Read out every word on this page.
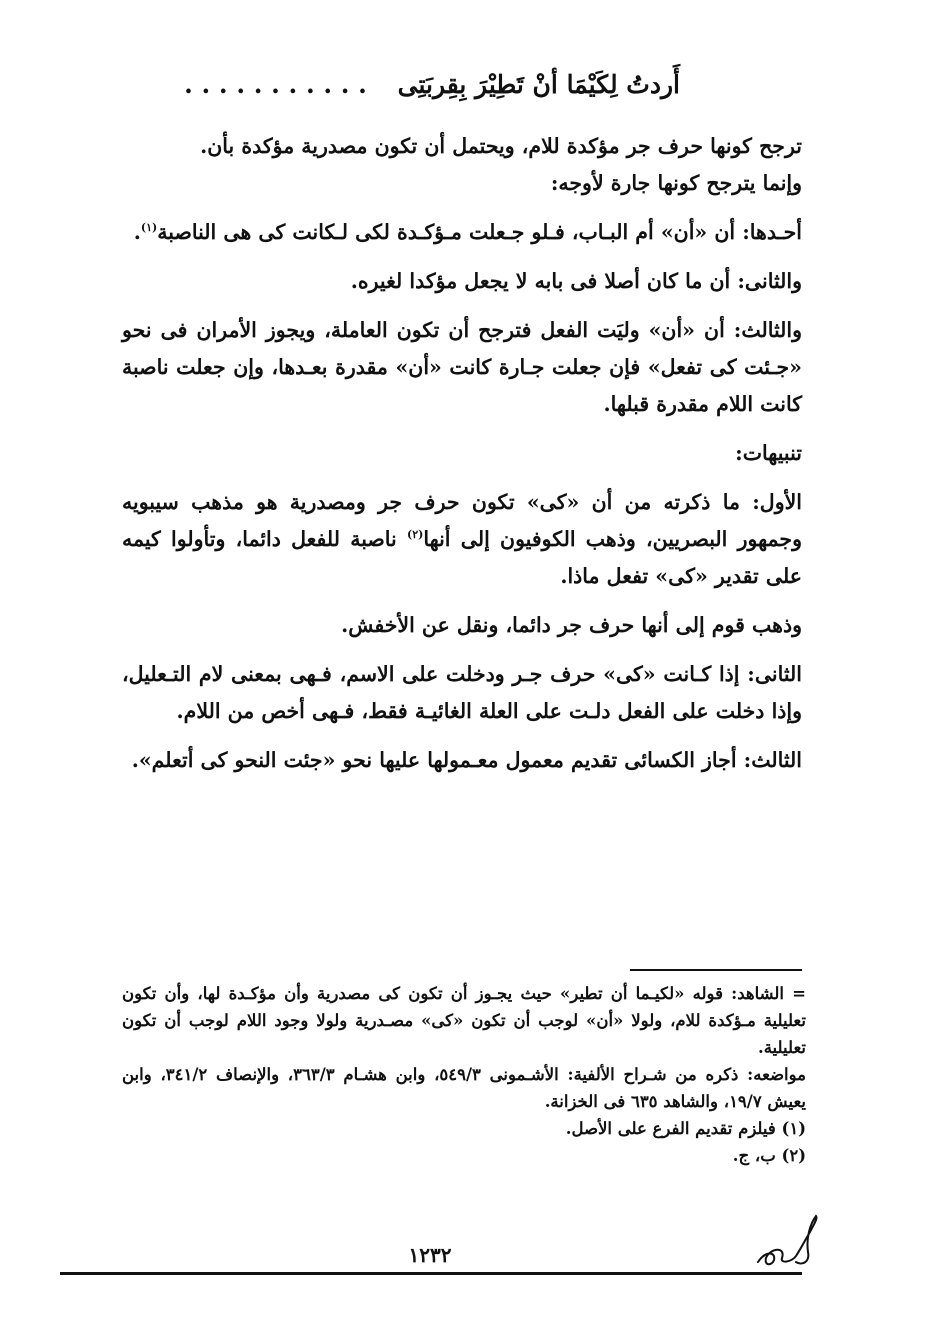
أَردتُ لِكَيْمَا أنْ تَطِيْرَ بِقِربَتِى . . . . . . . . . . .

ترجح كونها حرف جر مؤكدة للام، ويحتمل أن تكون مصدرية مؤكدة بأن.

وإنما يترجح كونها جارة لأوجه:

أحـدها: أن «أن» أم البـاب، فـلو جـعلت مـؤكـدة لكى لـكانت كى هى الناصبة$^{(١)}$.

والثانى: أن ما كان أصلا فى بابه لا يجعل مؤكدا لغيره.

والثالث: أن «أن» وليَت الفعل فترجح أن تكون العاملة، ويجوز الأمران فى نحو «جـئت كى تفعل» فإن جعلت جـارة كانت «أن» مقدرة بعـدها، وإن جعلت ناصبة كانت اللام مقدرة قبلها.

تنبيهات:

الأول: ما ذكرته من أن «كى» تكون حرف جر ومصدرية هو مذهب سيبويه وجمهور البصريين، وذهب الكوفيون إلى أنها$^{(٢)}$ ناصبة للفعل دائما، وتأولوا كيمه على تقدير «كى» تفعل ماذا.

وذهب قوم إلى أنها حرف جر دائما، ونقل عن الأخفش.

الثانى: إذا كـانت «كى» حرف جـر ودخلت على الاسم، فـهى بمعنى لام التـعليل، وإذا دخلت على الفعل دلـت على العلة الغائيـة فقط، فـهى أخص من اللام.

الثالث: أجاز الكسائى تقديم معمول معـمولها عليها نحو «جئت النحو كى أتعلم».

= الشاهد: قوله «لكيـما أن تطير» حيث يجـوز أن تكون كى مصدرية وأن مؤكـدة لها، وأن تكون تعليلية مـؤكدة للام، ولولا «أن» لوجب أن تكون «كى» مصـدرية ولولا وجود اللام لوجب أن تكون تعليلية.

مواضعه: ذكره من شـراح الألفية: الأشـمونى ٥٤٩/٣، وابن هشـام ٣٦٣/٣، والإنصاف ٣٤١/٢، وابن يعيش ١٩/٧، والشاهد ٦٣٥ فى الخزانة.

(١) فيلزم تقديم الفرع على الأصل.

(٢) ب، ج.

١٢٣٢
